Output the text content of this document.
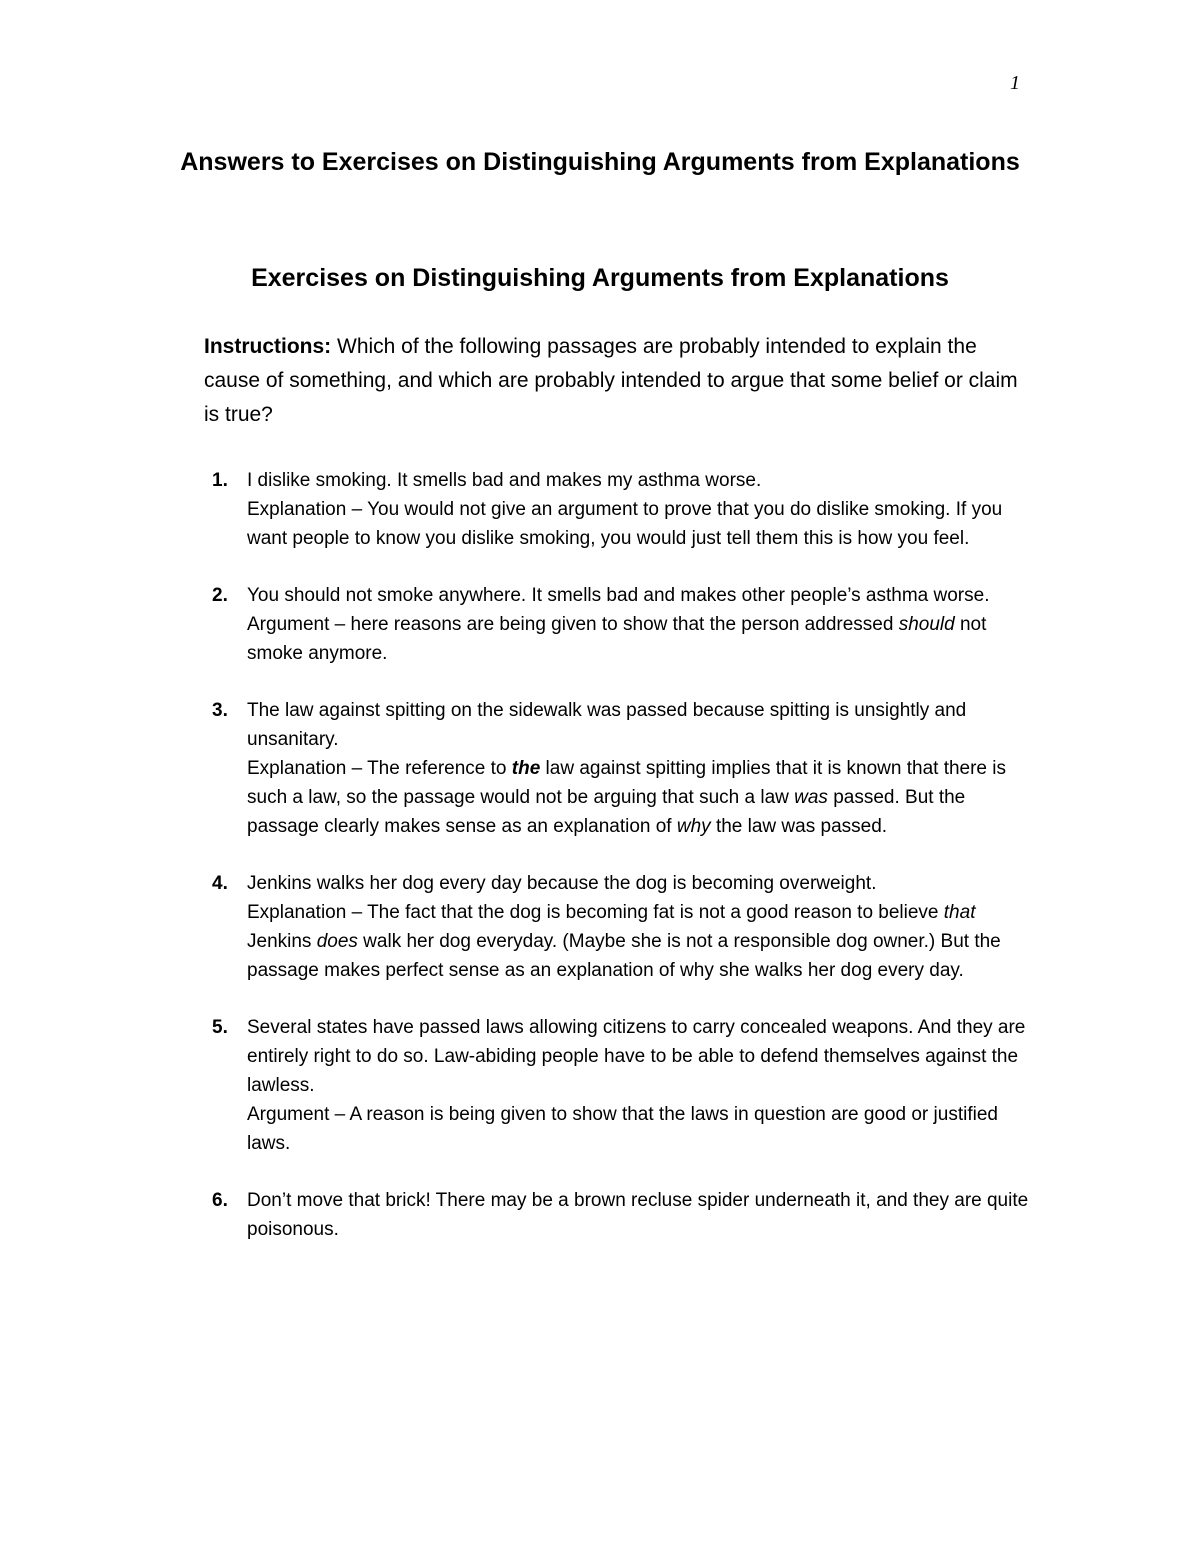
1
Answers to Exercises on Distinguishing Arguments from Explanations
Exercises on Distinguishing Arguments from Explanations

Instructions: Which of the following passages are probably intended to explain the cause of something, and which are probably intended to argue that some belief or claim is true?

1. I dislike smoking. It smells bad and makes my asthma worse.

Explanation – You would not give an argument to prove that you do dislike smoking. If you want people to know you dislike smoking, you would just tell them this is how you feel.

2. You should not smoke anywhere. It smells bad and makes other people’s asthma worse.

Argument – here reasons are being given to show that the person addressed should not smoke anymore.

3. The law against spitting on the sidewalk was passed because spitting is unsightly and unsanitary.

Explanation – The reference to the law against spitting implies that it is known that there is such a law, so the passage would not be arguing that such a law was passed. But the passage clearly makes sense as an explanation of why the law was passed.

4. Jenkins walks her dog every day because the dog is becoming overweight.

Explanation – The fact that the dog is becoming fat is not a good reason to believe that Jenkins does walk her dog everyday. (Maybe she is not a responsible dog owner.) But the passage makes perfect sense as an explanation of why she walks her dog every day.

5. Several states have passed laws allowing citizens to carry concealed weapons. And they are entirely right to do so. Law-abiding people have to be able to defend themselves against the lawless.

Argument – A reason is being given to show that the laws in question are good or justified laws.

6. Don’t move that brick! There may be a brown recluse spider underneath it, and they are quite poisonous.
